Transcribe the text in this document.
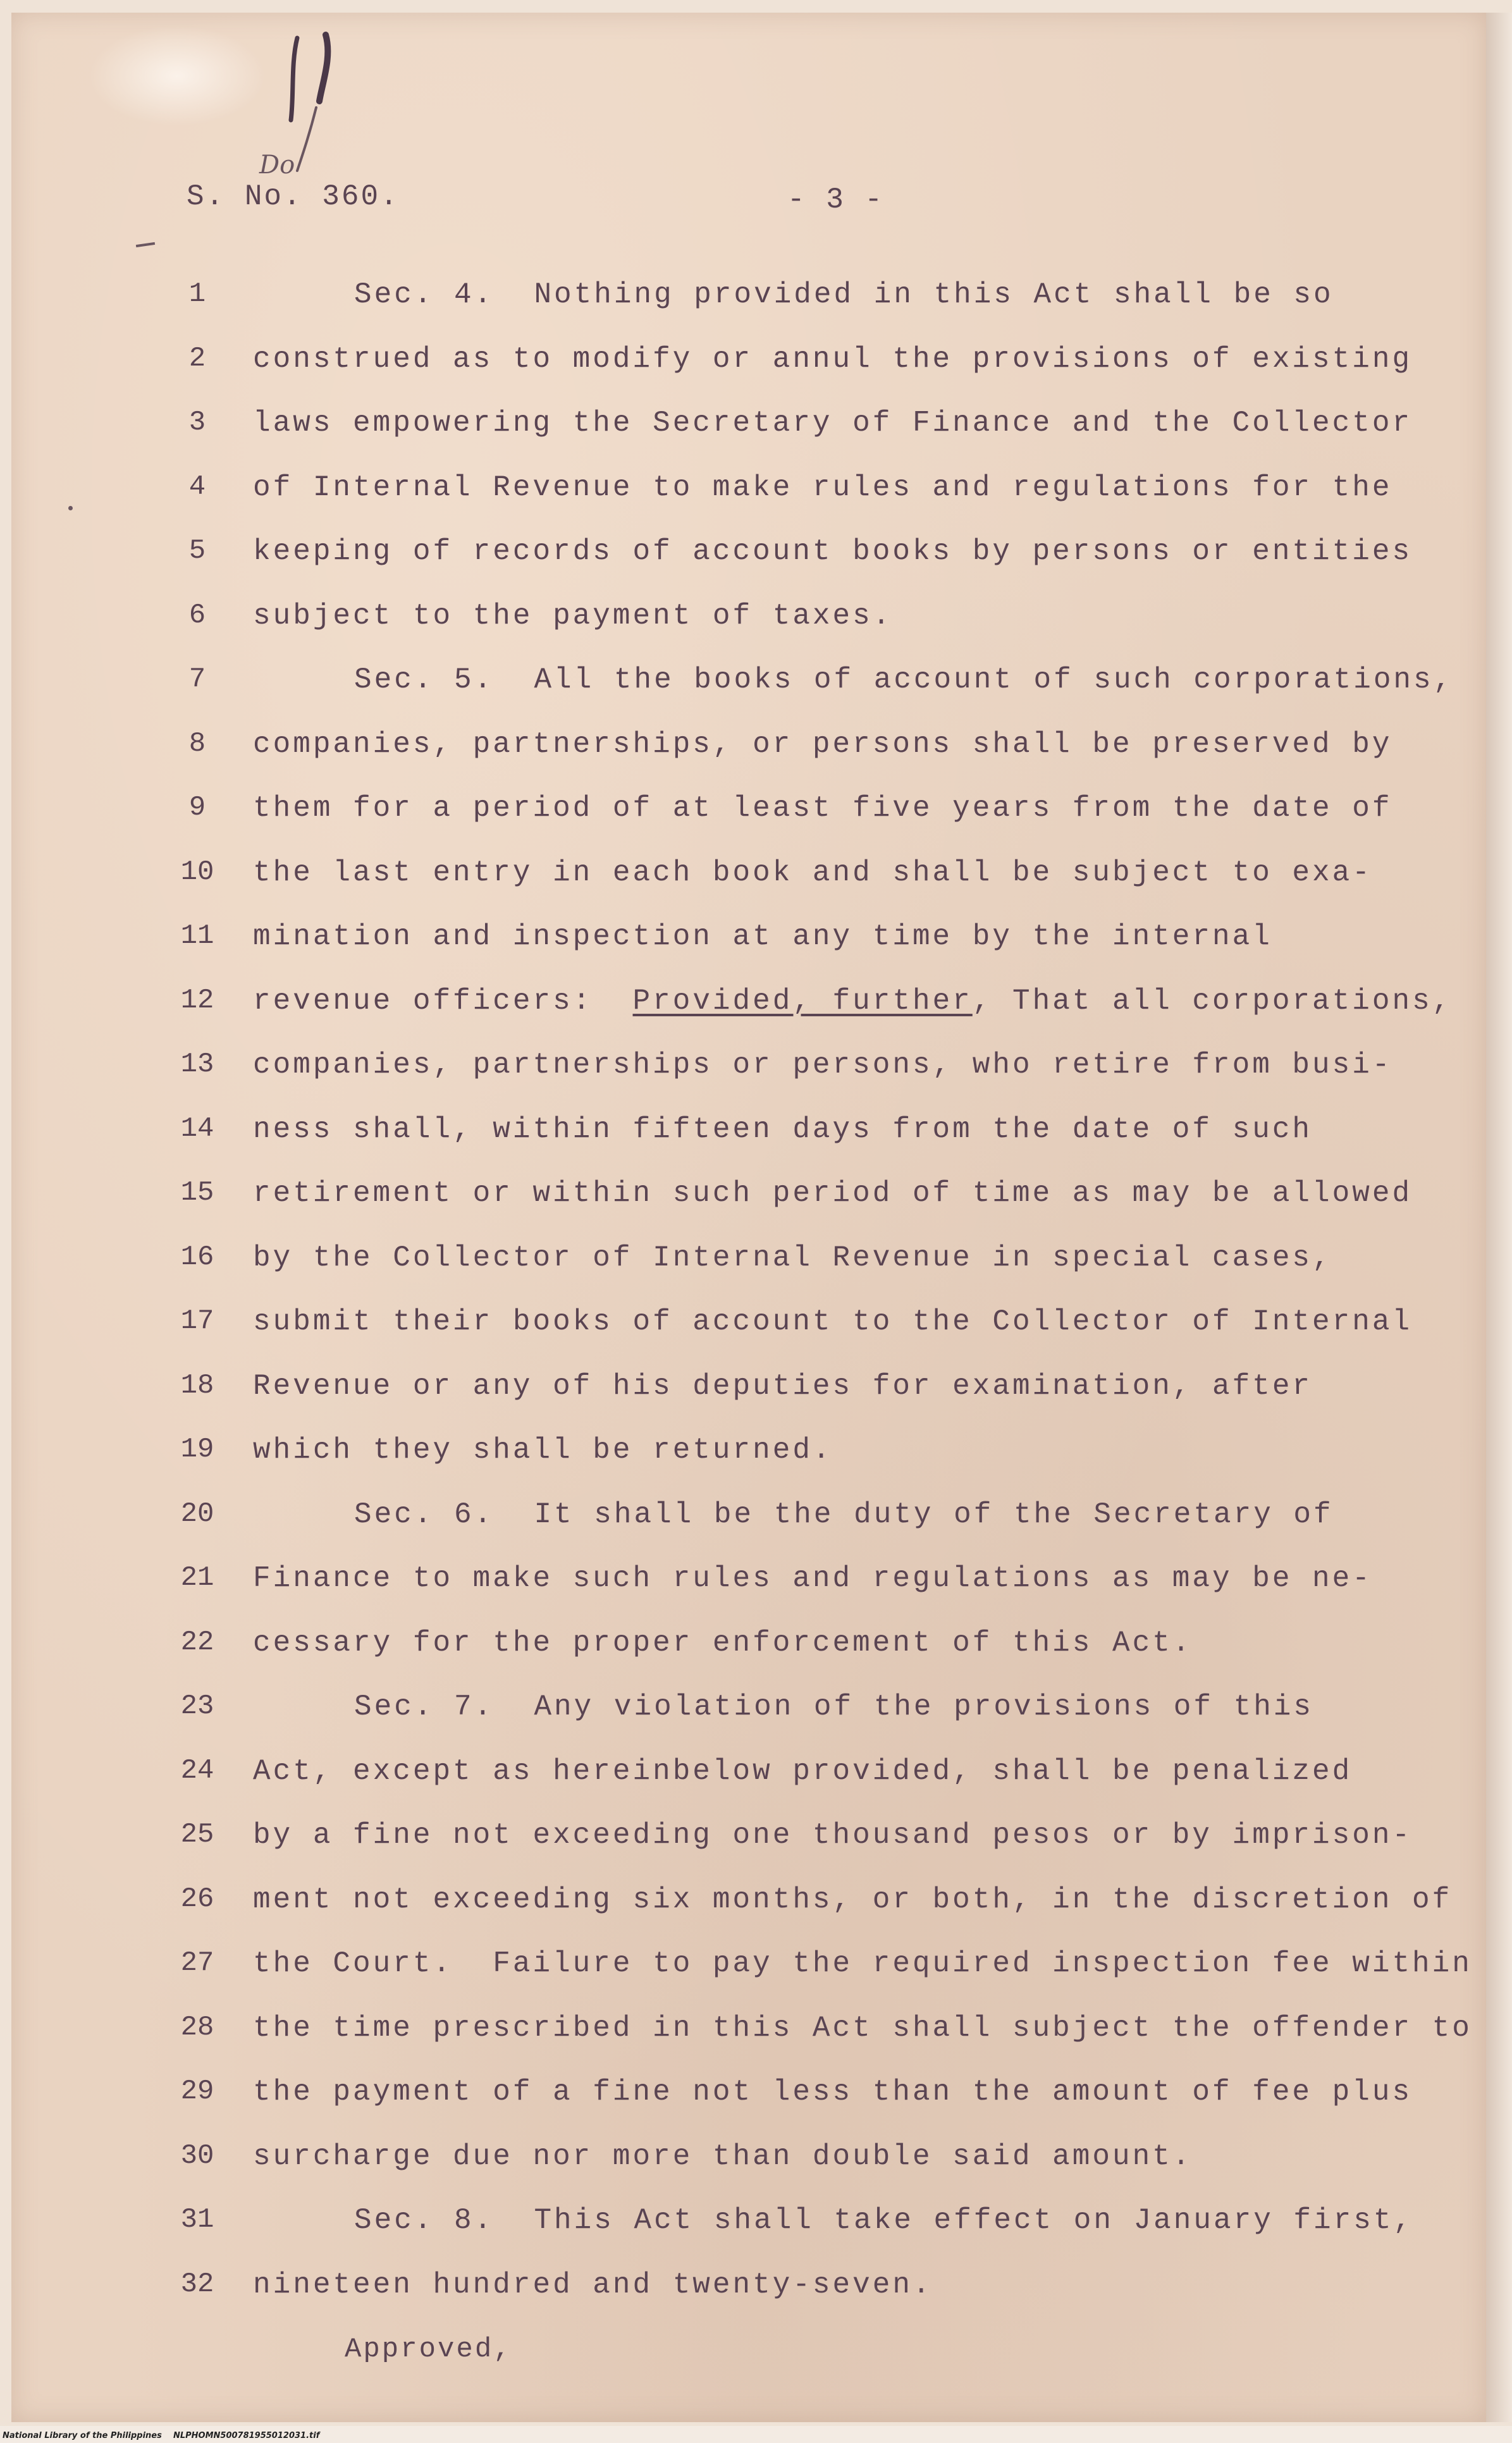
Do
S. No. 360.	- 3 -
1	Sec. 4.  Nothing provided in this Act shall be so
2	construed as to modify or annul the provisions of existing
3	laws empowering the Secretary of Finance and the Collector
4	of Internal Revenue to make rules and regulations for the
5	keeping of records of account books by persons or entities
6	subject to the payment of taxes.
7	Sec. 5.  All the books of account of such corporations,
8	companies, partnerships, or persons shall be preserved by
9	them for a period of at least five years from the date of
10 the last entry in each book and shall be subject to exa-
11 mination and inspection at any time by the internal
12 revenue officers:  Provided, further, That all corporations,
13 companies, partnerships or persons, who retire from busi-
14 ness shall, within fifteen days from the date of such
15 retirement or within such period of time as may be allowed
16 by the Collector of Internal Revenue in special cases,
17 submit their books of account to the Collector of Internal
18 Revenue or any of his deputies for examination, after
19 which they shall be returned.
20	Sec. 6.  It shall be the duty of the Secretary of
21 Finance to make such rules and regulations as may be ne-
22 cessary for the proper enforcement of this Act.
23	Sec. 7.  Any violation of the provisions of this
24 Act, except as hereinbelow provided, shall be penalized
25 by a fine not exceeding one thousand pesos or by imprison-
26 ment not exceeding six months, or both, in the discretion of
27 the Court.  Failure to pay the required inspection fee within
28 the time prescribed in this Act shall subject the offender to
29 the payment of a fine not less than the amount of fee plus
30 surcharge due nor more than double said amount.
31	Sec. 8.  This Act shall take effect on January first,
32 nineteen hundred and twenty-seven.
Approved,
National Library of the Philippines    NLPHOMN500781955012031.tif
